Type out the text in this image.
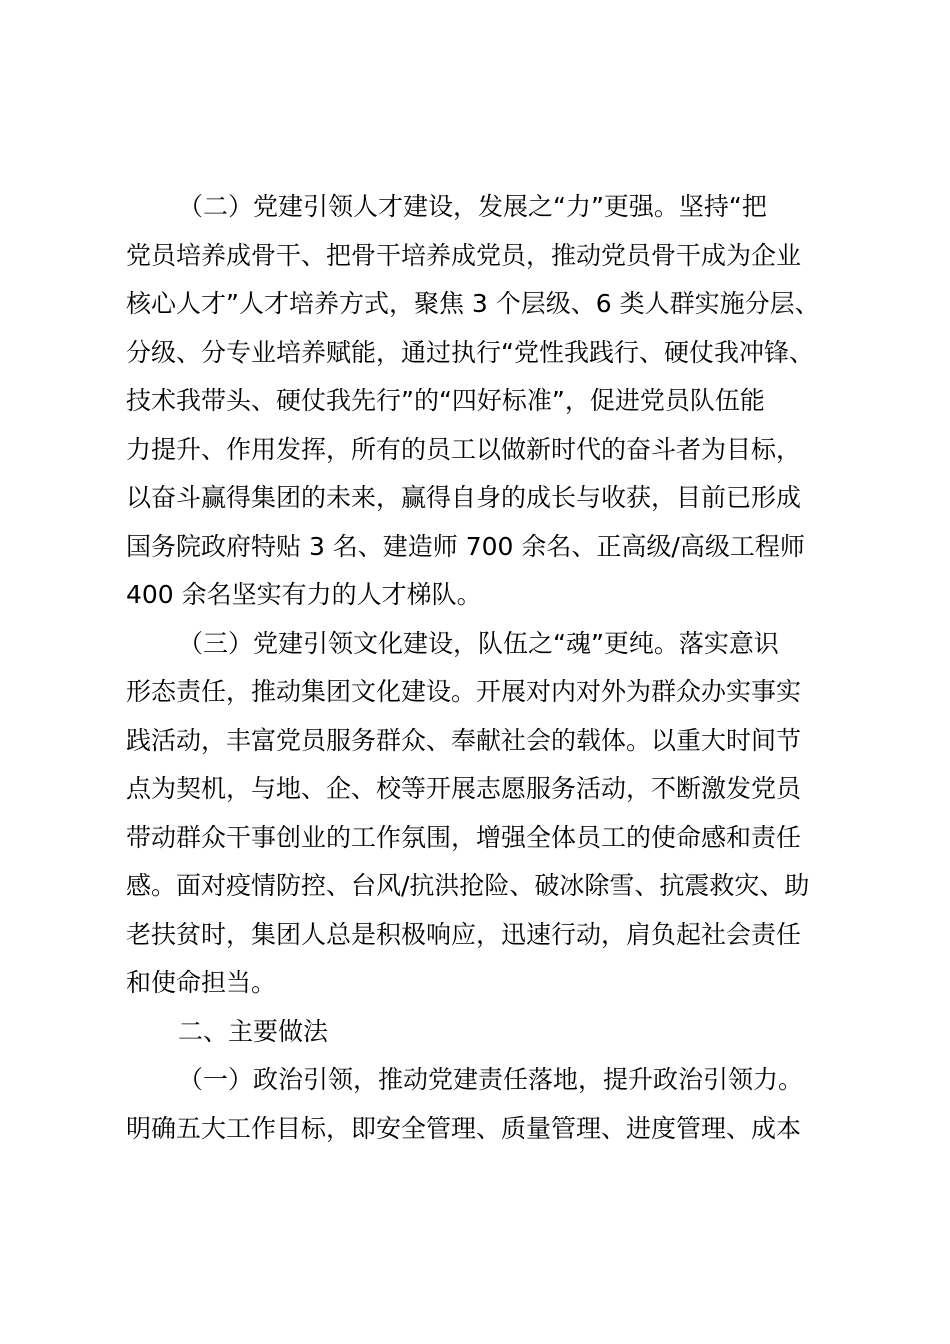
（二）党建引领人才建设，发展之“力”更强。坚持“把
党员培养成骨干、把骨干培养成党员，推动党员骨干成为企业
核心人才”人才培养方式，聚焦 3 个层级、6 类人群实施分层、
分级、分专业培养赋能，通过执行“党性我践行、硬仗我冲锋、
技术我带头、硬仗我先行”的“四好标准”，促进党员队伍能
力提升、作用发挥，所有的员工以做新时代的奋斗者为目标，
以奋斗赢得集团的未来，赢得自身的成长与收获，目前已形成
国务院政府特贴 3 名、建造师 700 余名、正高级/高级工程师
400 余名坚实有力的人才梯队。
（三）党建引领文化建设，队伍之“魂”更纯。落实意识
形态责任，推动集团文化建设。开展对内对外为群众办实事实
践活动，丰富党员服务群众、奉献社会的载体。以重大时间节
点为契机，与地、企、校等开展志愿服务活动，不断激发党员
带动群众干事创业的工作氛围，增强全体员工的使命感和责任
感。面对疫情防控、台风/抗洪抢险、破冰除雪、抗震救灾、助
老扶贫时，集团人总是积极响应，迅速行动，肩负起社会责任
和使命担当。
二、主要做法
（一）政治引领，推动党建责任落地，提升政治引领力。
明确五大工作目标，即安全管理、质量管理、进度管理、成本
